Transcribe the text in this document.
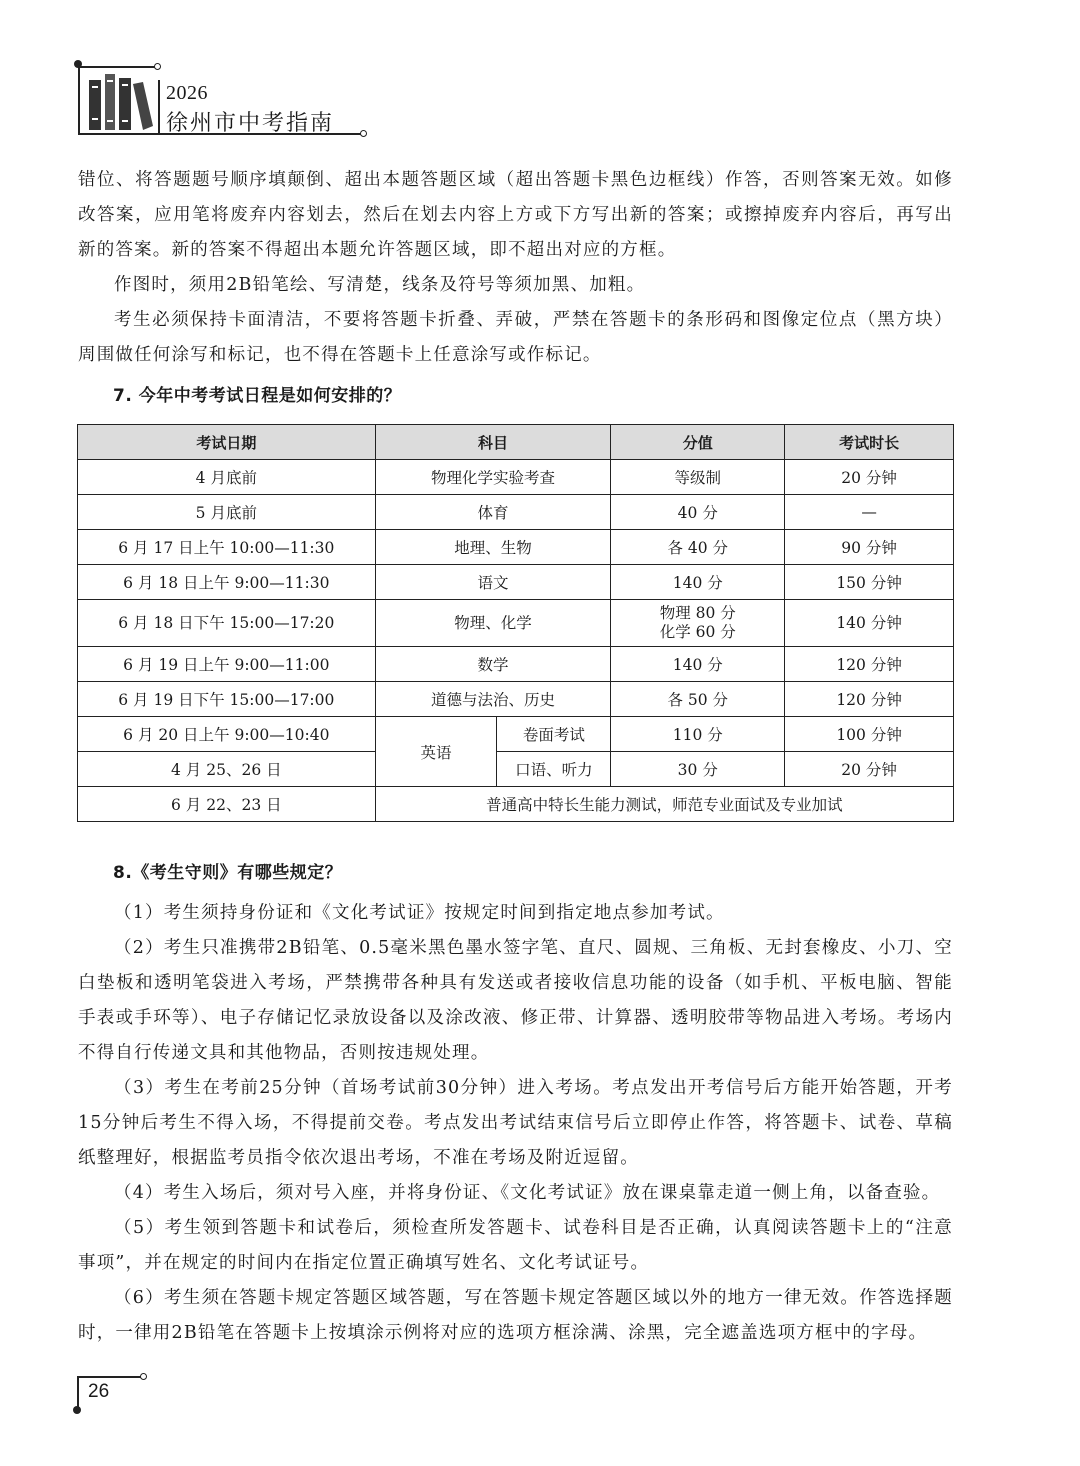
2026
徐州市中考指南

错位、将答题题号顺序填颠倒、超出本题答题区域（超出答题卡黑色边框线）作答，否则答案无效。如修改答案，应用笔将废弃内容划去，然后在划去内容上方或下方写出新的答案；或擦掉废弃内容后，再写出新的答案。新的答案不得超出本题允许答题区域，即不超出对应的方框。

作图时，须用2B铅笔绘、写清楚，线条及符号等须加黑、加粗。

考生必须保持卡面清洁，不要将答题卡折叠、弄破，严禁在答题卡的条形码和图像定位点（黑方块）周围做任何涂写和标记，也不得在答题卡上任意涂写或作标记。

7. 今年中考考试日程是如何安排的？
考试日期	科目		分值	考试时长
4 月底前	物理化学实验考查		等级制	20 分钟
5 月底前	体育		40 分	—
6 月 17 日上午 10:00—11:30	地理、生物		各 40 分	90 分钟
6 月 18 日上午 9:00—11:30	语文		140 分	150 分钟
6 月 18 日下午 15:00—17:20	物理、化学		物理 80 分
化学 60 分	140 分钟
6 月 19 日上午 9:00—11:00	数学		140 分	120 分钟
6 月 19 日下午 15:00—17:00	道德与法治、历史		各 50 分	120 分钟
6 月 20 日上午 9:00—10:40	英语	卷面考试	110 分	100 分钟
4 月 25、26 日		口语、听力	30 分	20 分钟
6 月 22、23 日	普通高中特长生能力测试，师范专业面试及专业加试			
8.《考生守则》有哪些规定？

（1）考生须持身份证和《文化考试证》按规定时间到指定地点参加考试。

（2）考生只准携带2B铅笔、0.5毫米黑色墨水签字笔、直尺、圆规、三角板、无封套橡皮、小刀、空白垫板和透明笔袋进入考场，严禁携带各种具有发送或者接收信息功能的设备（如手机、平板电脑、智能手表或手环等）、电子存储记忆录放设备以及涂改液、修正带、计算器、透明胶带等物品进入考场。考场内不得自行传递文具和其他物品，否则按违规处理。

（3）考生在考前25分钟（首场考试前30分钟）进入考场。考点发出开考信号后方能开始答题，开考15分钟后考生不得入场，不得提前交卷。考点发出考试结束信号后立即停止作答，将答题卡、试卷、草稿纸整理好，根据监考员指令依次退出考场，不准在考场及附近逗留。

（4）考生入场后，须对号入座，并将身份证、《文化考试证》放在课桌靠走道一侧上角，以备查验。

（5）考生领到答题卡和试卷后，须检查所发答题卡、试卷科目是否正确，认真阅读答题卡上的“注意事项”，并在规定的时间内在指定位置正确填写姓名、文化考试证号。

（6）考生须在答题卡规定答题区域答题，写在答题卡规定答题区域以外的地方一律无效。作答选择题时，一律用2B铅笔在答题卡上按填涂示例将对应的选项方框涂满、涂黑，完全遮盖选项方框中的字母。

26
